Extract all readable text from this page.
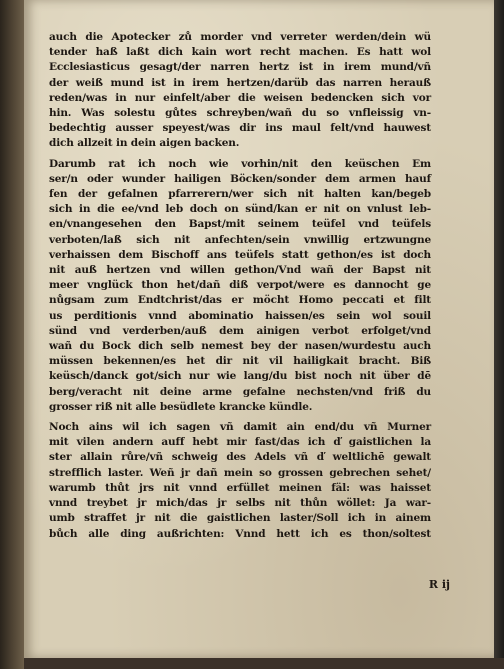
auch die Apotecker zů morder vnd verreter werden/dein wü
tender haß laßt dich kain wort recht machen. Es hatt wol
Ecclesiasticus gesagt/der narren hertz ist in irem mund/vñ
der weiß mund ist in irem hertzen/darüb das narren herauß
reden/was in nur einfelt/aber die weisen bedencken sich vor
hin. Was solestu gůtes schreyben/wañ du so vnfleissig vn-
bedechtig ausser speyest/was dir ins maul felt/vnd hauwest
dich allzeit in dein aigen backen.

Darumb rat ich noch wie vorhin/nit den keüschen Em
ser/n oder wunder hailigen Böcken/sonder dem armen hauf
fen der gefalnen pfarrerern/wer sich nit halten kan/begeb
sich in die ee/vnd leb doch on sünd/kan er nit on vnlust leb-
en/vnangesehen den Bapst/mit seinem teüfel vnd teüfels
verboten/laß sich nit anfechten/sein vnwillig ertzwungne
verhaissen dem Bischoff ans teüfels statt gethon/es ist doch
nit auß hertzen vnd willen gethon/Vnd wañ der Bapst nit
meer vnglück thon het/dañ diß verpot/were es dannocht ge
nůgsam zum Endtchrist/das er möcht Homo peccati et filt
us perditionis vnnd abominatio haissen/es sein wol souil
sünd vnd verderben/auß dem ainigen verbot erfolget/vnd
wañ du Bock dich selb nemest bey der nasen/wurdestu auch
müssen bekennen/es het dir nit vil hailigkait bracht. Biß
keüsch/danck got/sich nur wie lang/du bist noch nit über dē
berg/veracht nit deine arme gefalne nechsten/vnd friß du
grosser riß nit alle besüdlete krancke kündle.

Noch ains wil ich sagen vñ damit ain end/du vñ Murner
mit vilen andern auff hebt mir fast/das ich ď gaistlichen la
ster allain růre/vñ schweig des Adels vñ ď weltlichē gewalt
strefflich laster. Weñ jr dañ mein so grossen gebrechen sehet/
warumb thůt jrs nit vnnd erfüllet meinen fäl: was haisset
vnnd treybet jr mich/das jr selbs nit thůn wöllet: Ja war-
umb straffet jr nit die gaistlichen laster/Soll ich in ainem
bůch alle ding außrichten: Vnnd hett ich es thon/soltest

R ij
